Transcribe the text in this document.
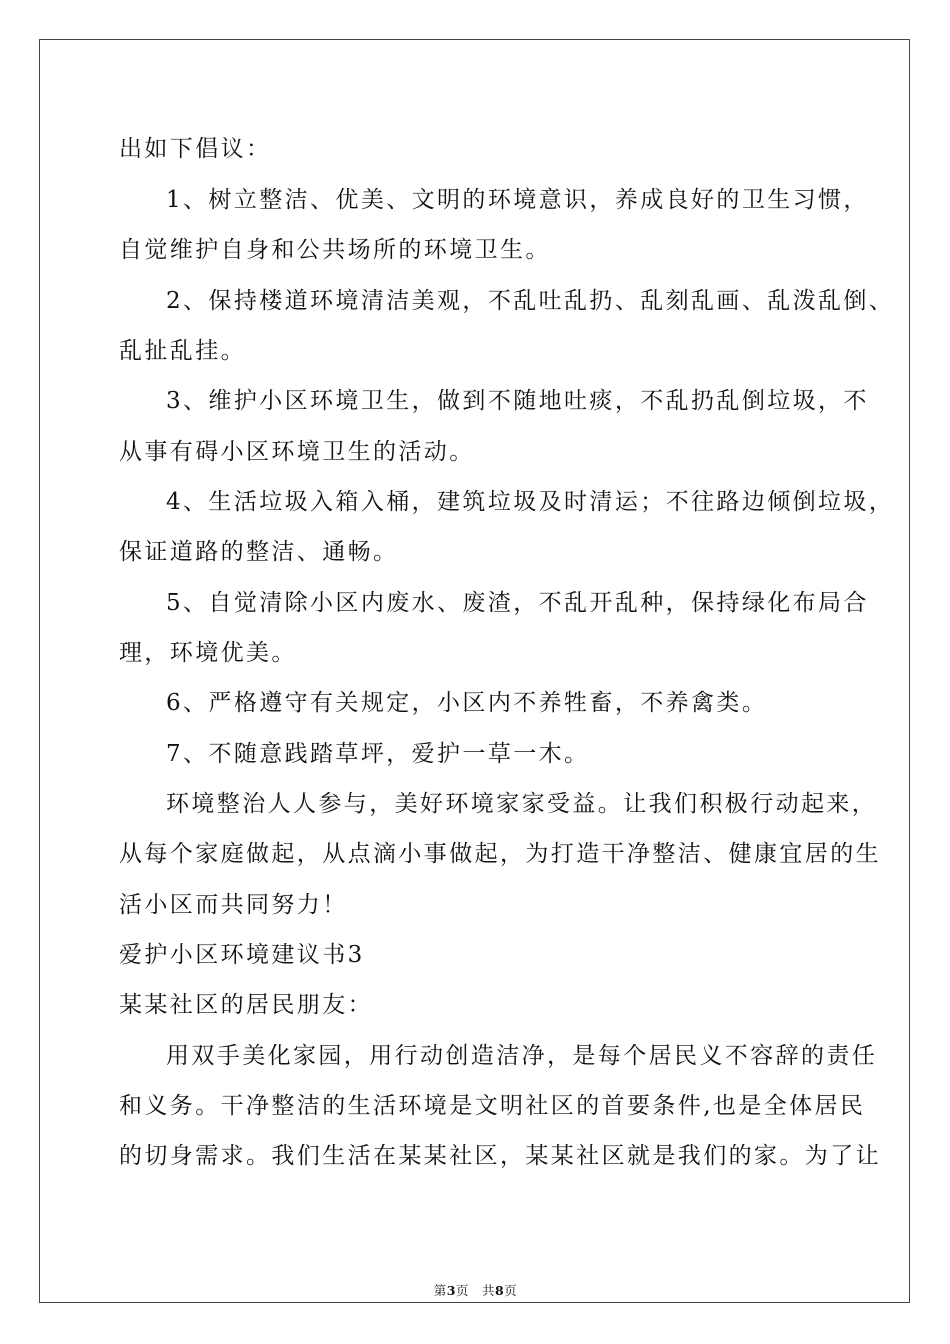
出如下倡议：
1、树立整洁、优美、文明的环境意识，养成良好的卫生习惯，
自觉维护自身和公共场所的环境卫生。
2、保持楼道环境清洁美观，不乱吐乱扔、乱刻乱画、乱泼乱倒、
乱扯乱挂。
3、维护小区环境卫生，做到不随地吐痰，不乱扔乱倒垃圾，不
从事有碍小区环境卫生的活动。
4、生活垃圾入箱入桶，建筑垃圾及时清运；不往路边倾倒垃圾，
保证道路的整洁、通畅。
5、自觉清除小区内废水、废渣，不乱开乱种，保持绿化布局合
理，环境优美。
6、严格遵守有关规定，小区内不养牲畜，不养禽类。
7、不随意践踏草坪，爱护一草一木。
环境整治人人参与，美好环境家家受益。让我们积极行动起来，
从每个家庭做起，从点滴小事做起，为打造干净整洁、健康宜居的生
活小区而共同努力！
爱护小区环境建议书3
某某社区的居民朋友：
用双手美化家园，用行动创造洁净，是每个居民义不容辞的责任
和义务。干净整洁的生活环境是文明社区的首要条件,也是全体居民
的切身需求。我们生活在某某社区，某某社区就是我们的家。为了让
第3页　共8页
